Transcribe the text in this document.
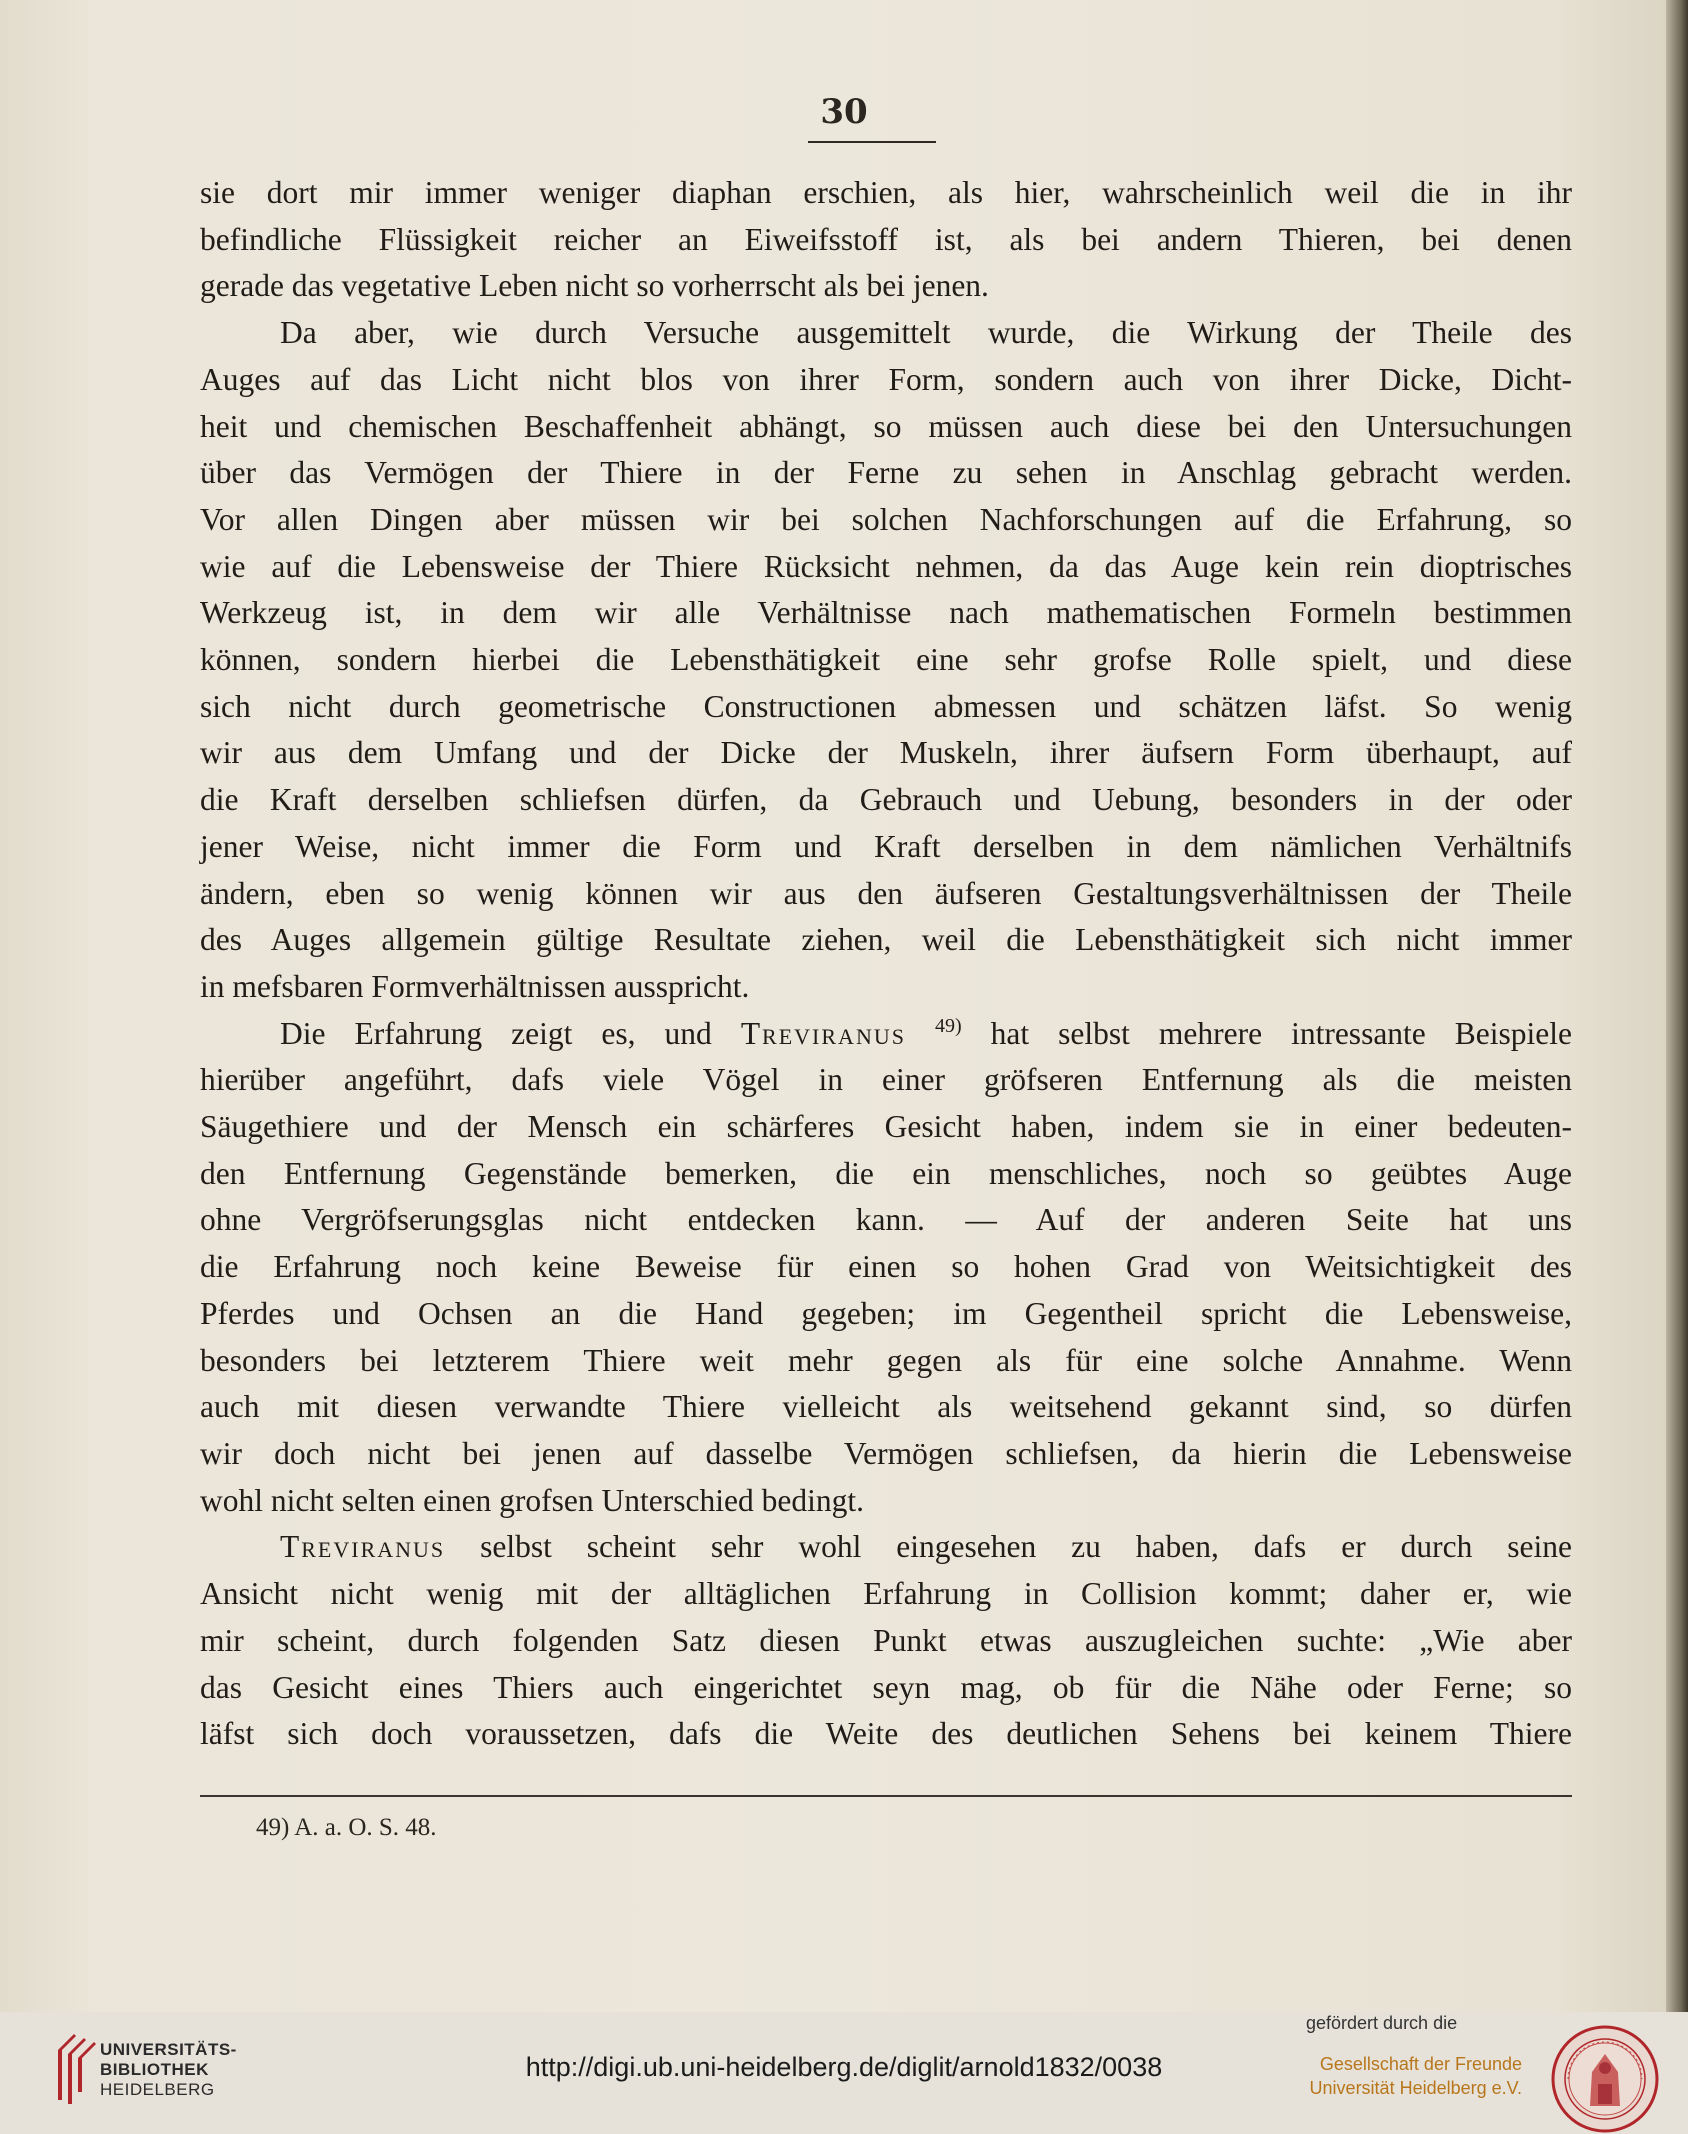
30
sie dort mir immer weniger diaphan erschien, als hier, wahrscheinlich weil die in ihr
befindliche Flüssigkeit reicher an Eiweifsstoff ist, als bei andern Thieren, bei denen
gerade das vegetative Leben nicht so vorherrscht als bei jenen.
Da aber, wie durch Versuche ausgemittelt wurde, die Wirkung der Theile des
Auges auf das Licht nicht blos von ihrer Form, sondern auch von ihrer Dicke, Dicht-
heit und chemischen Beschaffenheit abhängt, so müssen auch diese bei den Untersuchungen
über das Vermögen der Thiere in der Ferne zu sehen in Anschlag gebracht werden.
Vor allen Dingen aber müssen wir bei solchen Nachforschungen auf die Erfahrung, so
wie auf die Lebensweise der Thiere Rücksicht nehmen, da das Auge kein rein dioptrisches
Werkzeug ist, in dem wir alle Verhältnisse nach mathematischen Formeln bestimmen
können, sondern hierbei die Lebensthätigkeit eine sehr grofse Rolle spielt, und diese
sich nicht durch geometrische Constructionen abmessen und schätzen läfst. So wenig
wir aus dem Umfang und der Dicke der Muskeln, ihrer äufsern Form überhaupt, auf
die Kraft derselben schliefsen dürfen, da Gebrauch und Uebung, besonders in der oder
jener Weise, nicht immer die Form und Kraft derselben in dem nämlichen Verhältnifs
ändern, eben so wenig können wir aus den äufseren Gestaltungsverhältnissen der Theile
des Auges allgemein gültige Resultate ziehen, weil die Lebensthätigkeit sich nicht immer
in mefsbaren Formverhältnissen ausspricht.
Die Erfahrung zeigt es, und Treviranus $^{49)}$ hat selbst mehrere intressante Beispiele
hierüber angeführt, dafs viele Vögel in einer gröfseren Entfernung als die meisten
Säugethiere und der Mensch ein schärferes Gesicht haben, indem sie in einer bedeuten-
den Entfernung Gegenstände bemerken, die ein menschliches, noch so geübtes Auge
ohne Vergröfserungsglas nicht entdecken kann. — Auf der anderen Seite hat uns
die Erfahrung noch keine Beweise für einen so hohen Grad von Weitsichtigkeit des
Pferdes und Ochsen an die Hand gegeben; im Gegentheil spricht die Lebensweise,
besonders bei letzterem Thiere weit mehr gegen als für eine solche Annahme. Wenn
auch mit diesen verwandte Thiere vielleicht als weitsehend gekannt sind, so dürfen
wir doch nicht bei jenen auf dasselbe Vermögen schliefsen, da hierin die Lebensweise
wohl nicht selten einen grofsen Unterschied bedingt.
Treviranus selbst scheint sehr wohl eingesehen zu haben, dafs er durch seine
Ansicht nicht wenig mit der alltäglichen Erfahrung in Collision kommt; daher er, wie
mir scheint, durch folgenden Satz diesen Punkt etwas auszugleichen suchte: „Wie aber
das Gesicht eines Thiers auch eingerichtet seyn mag, ob für die Nähe oder Ferne; so
läfst sich doch voraussetzen, dafs die Weite des deutlichen Sehens bei keinem Thiere
49) A. a. O. S. 48.
UNIVERSITÄTS-
BIBLIOTHEK
HEIDELBERG
http://digi.ub.uni-heidelberg.de/diglit/arnold1832/0038
gefördert durch die
Gesellschaft der Freunde
Universität Heidelberg e.V.
